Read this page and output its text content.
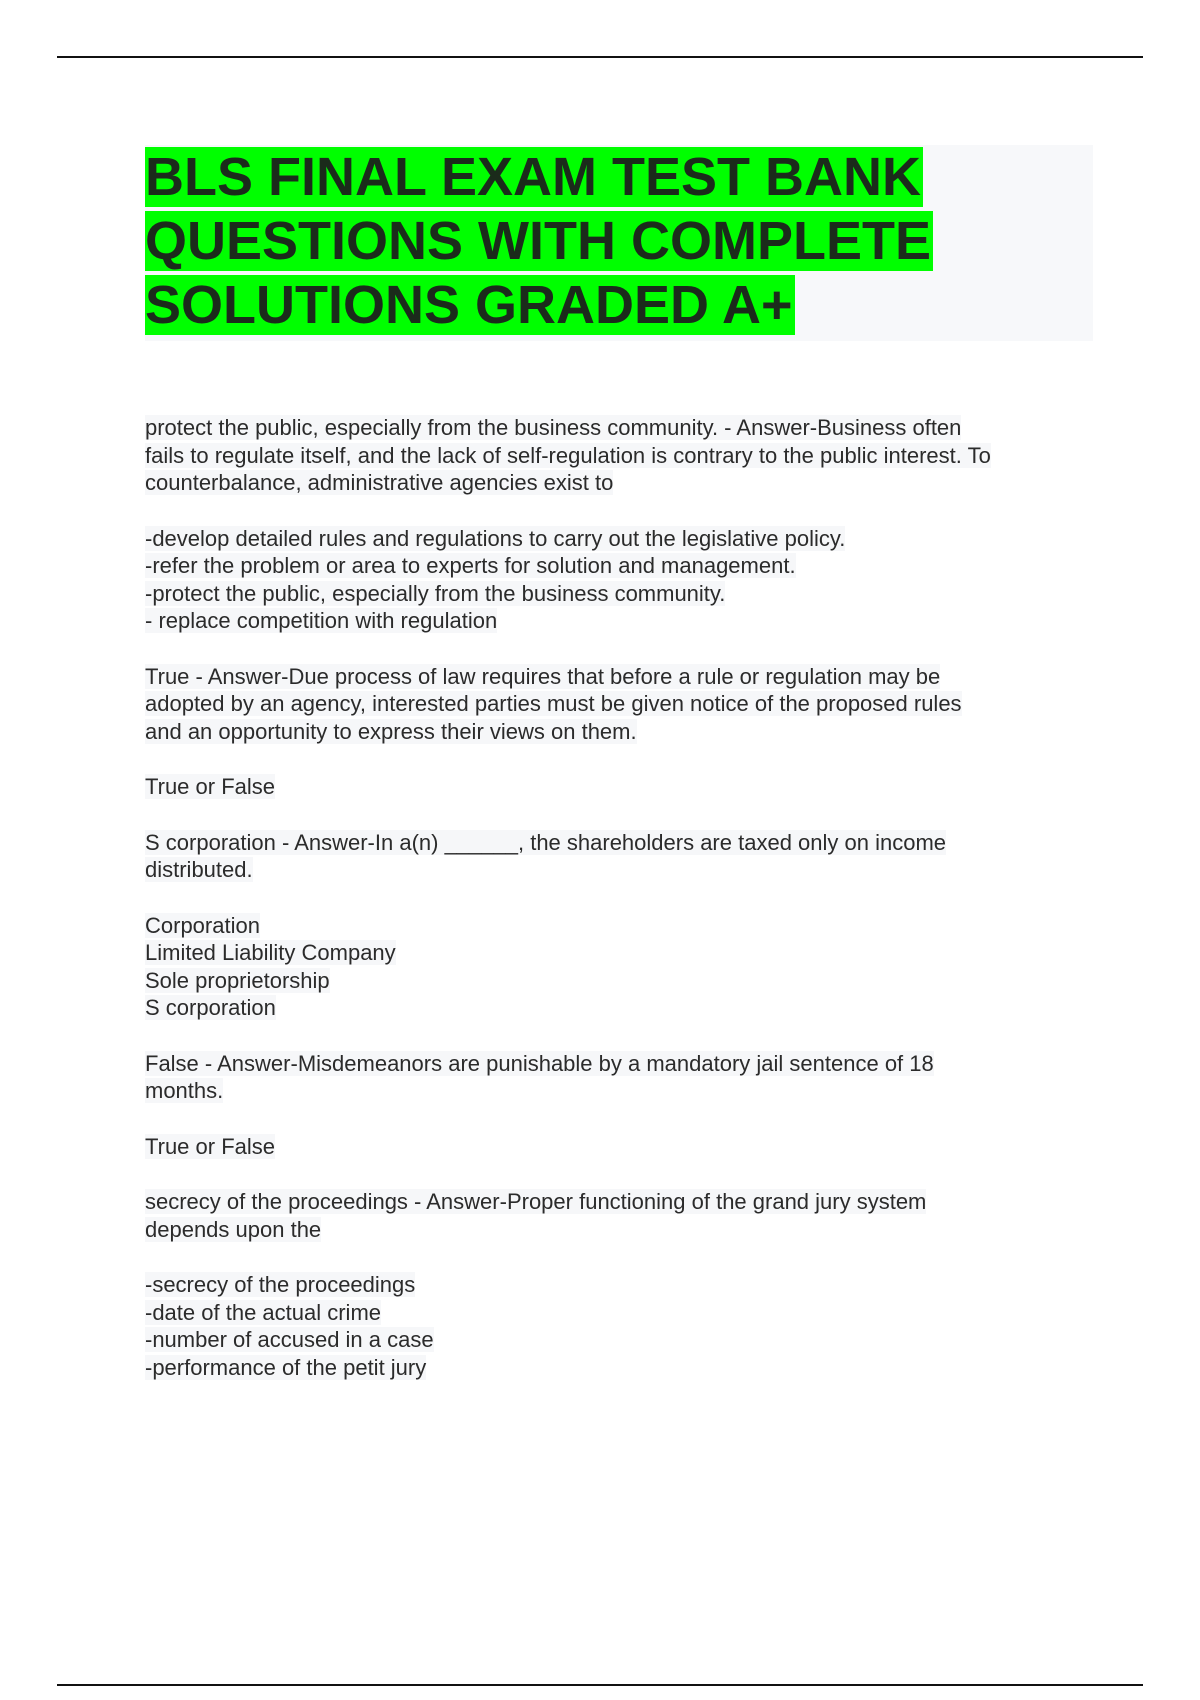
BLS FINAL EXAM TEST BANK
QUESTIONS WITH COMPLETE
SOLUTIONS GRADED A+
protect the public, especially from the business community. - Answer-Business often
fails to regulate itself, and the lack of self-regulation is contrary to the public interest. To
counterbalance, administrative agencies exist to
-develop detailed rules and regulations to carry out the legislative policy.
-refer the problem or area to experts for solution and management.
-protect the public, especially from the business community.
- replace competition with regulation
True - Answer-Due process of law requires that before a rule or regulation may be
adopted by an agency, interested parties must be given notice of the proposed rules
and an opportunity to express their views on them.
True or False
S corporation - Answer-In a(n) ______, the shareholders are taxed only on income
distributed.
Corporation
Limited Liability Company
Sole proprietorship
S corporation
False - Answer-Misdemeanors are punishable by a mandatory jail sentence of 18
months.
True or False
secrecy of the proceedings - Answer-Proper functioning of the grand jury system
depends upon the
-secrecy of the proceedings
-date of the actual crime
-number of accused in a case
-performance of the petit jury
